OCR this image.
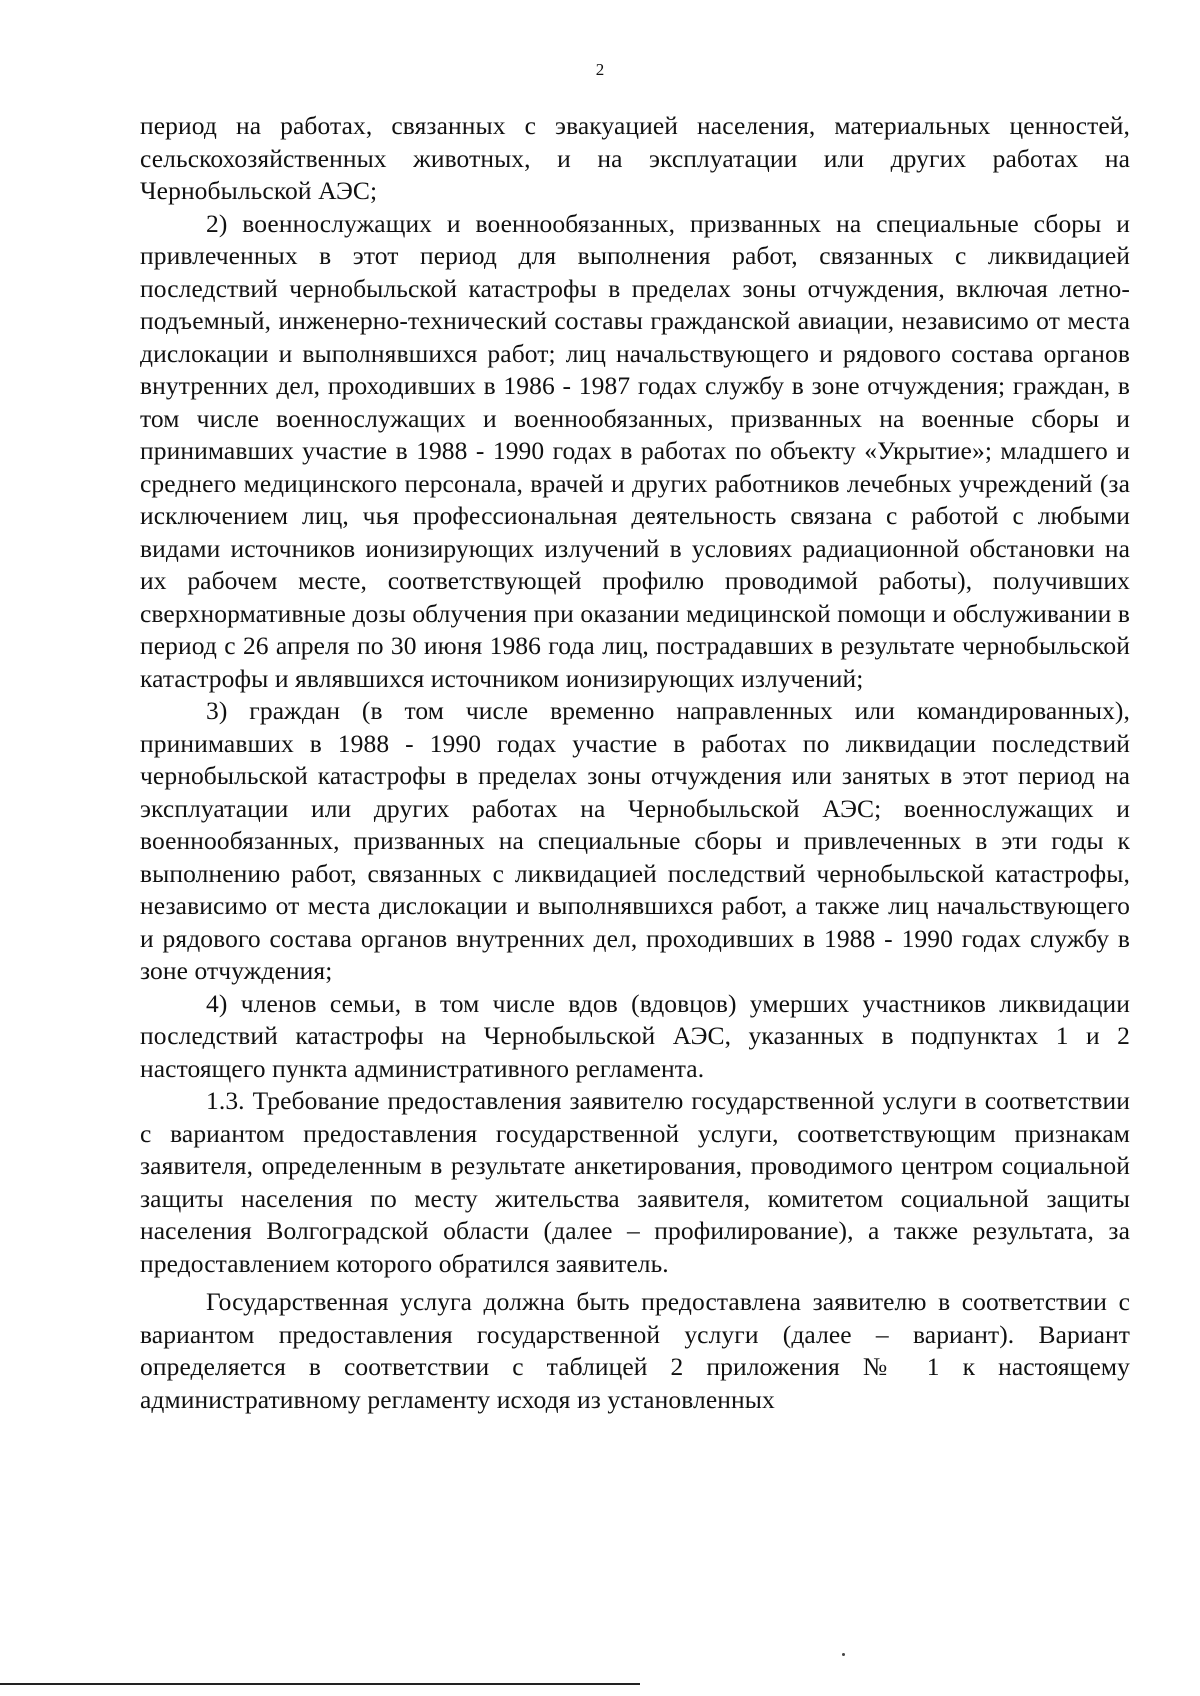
2

период на работах, связанных с эвакуацией населения, материальных ценностей, сельскохозяйственных животных, и на эксплуатации или других работах на Чернобыльской АЭС;

2) военнослужащих и военнообязанных, призванных на специальные сборы и привлеченных в этот период для выполнения работ, связанных с ликвидацией последствий чернобыльской катастрофы в пределах зоны отчуждения, включая летно-подъемный, инженерно-технический составы гражданской авиации, независимо от места дислокации и выполнявшихся работ; лиц начальствующего и рядового состава органов внутренних дел, проходивших в 1986 - 1987 годах службу в зоне отчуждения; граждан, в том числе военнослужащих и военнообязанных, призванных на военные сборы и принимавших участие в 1988 - 1990 годах в работах по объекту «Укрытие»; младшего и среднего медицинского персонала, врачей и других работников лечебных учреждений (за исключением лиц, чья профессиональная деятельность связана с работой с любыми видами источников ионизирующих излучений в условиях радиационной обстановки на их рабочем месте, соответствующей профилю проводимой работы), получивших сверхнормативные дозы облучения при оказании медицинской помощи и обслуживании в период с 26 апреля по 30 июня 1986 года лиц, пострадавших в результате чернобыльской катастрофы и являвшихся источником ионизирующих излучений;

3) граждан (в том числе временно направленных или командированных), принимавших в 1988 - 1990 годах участие в работах по ликвидации последствий чернобыльской катастрофы в пределах зоны отчуждения или занятых в этот период на эксплуатации или других работах на Чернобыльской АЭС; военнослужащих и военнообязанных, призванных на специальные сборы и привлеченных в эти годы к выполнению работ, связанных с ликвидацией последствий чернобыльской катастрофы, независимо от места дислокации и выполнявшихся работ, а также лиц начальствующего и рядового состава органов внутренних дел, проходивших в 1988 - 1990 годах службу в зоне отчуждения;

4) членов семьи, в том числе вдов (вдовцов) умерших участников ликвидации последствий катастрофы на Чернобыльской АЭС, указанных в подпунктах 1 и 2 настоящего пункта административного регламента.

1.3. Требование предоставления заявителю государственной услуги в соответствии с вариантом предоставления государственной услуги, соответствующим признакам заявителя, определенным в результате анкетирования, проводимого центром социальной защиты населения по месту жительства заявителя, комитетом социальной защиты населения Волгоградской области (далее – профилирование), а также результата, за предоставлением которого обратился заявитель.

Государственная услуга должна быть предоставлена заявителю в соответствии с вариантом предоставления государственной услуги (далее – вариант). Вариант определяется в соответствии с таблицей 2 приложения № 1 к настоящему административному регламенту исходя из установленных
